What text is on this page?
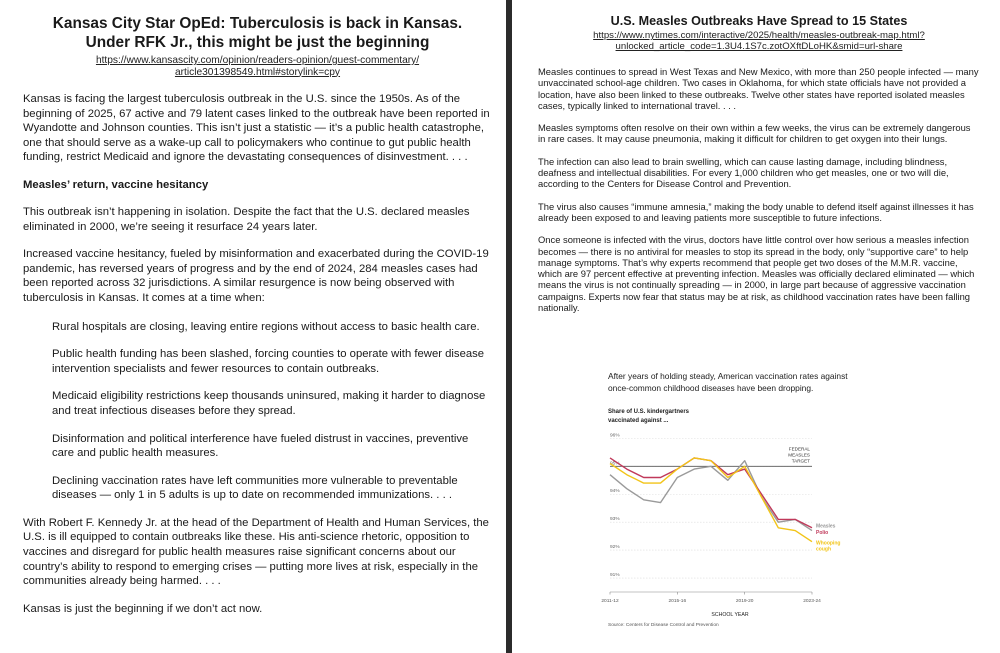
Kansas City Star OpEd: Tuberculosis is back in Kansas.

Under RFK Jr., this might be just the beginning

https://www.kansascity.com/opinion/readers-opinion/guest-commentary/

article301398549.html#storylink=cpy

Kansas is facing the largest tuberculosis outbreak in the U.S. since the 1950s. As of the beginning of 2025, 67 active and 79 latent cases linked to the outbreak have been reported in Wyandotte and Johnson counties. This isn’t just a statistic — it’s a public health catastrophe, one that should serve as a wake-up call to policymakers who continue to gut public health funding, restrict Medicaid and ignore the devastating consequences of disinvestment. . . .

Measles’ return, vaccine hesitancy

This outbreak isn’t happening in isolation. Despite the fact that the U.S. declared measles eliminated in 2000, we’re seeing it resurface 24 years later.

Increased vaccine hesitancy, fueled by misinformation and exacerbated during the COVID-19 pandemic, has reversed years of progress and by the end of 2024, 284 measles cases had been reported across 32 jurisdictions. A similar resurgence is now being observed with tuberculosis in Kansas. It comes at a time when:

Rural hospitals are closing, leaving entire regions without access to basic health care.

Public health funding has been slashed, forcing counties to operate with fewer disease intervention specialists and fewer resources to contain outbreaks.

Medicaid eligibility restrictions keep thousands uninsured, making it harder to diagnose and treat infectious diseases before they spread.

Disinformation and political interference have fueled distrust in vaccines, preventive care and public health measures.

Declining vaccination rates have left communities more vulnerable to preventable diseases — only 1 in 5 adults is up to date on recommended immunizations. . . .

With Robert F. Kennedy Jr. at the head of the Department of Health and Human Services, the U.S. is ill equipped to contain outbreaks like these. His anti-science rhetoric, opposition to vaccines and disregard for public health measures raise significant concerns about our country’s ability to respond to emerging crises — putting more lives at risk, especially in the communities already being harmed. . . .

Kansas is just the beginning if we don’t act now.

U.S. Measles Outbreaks Have Spread to 15 States

https://www.nytimes.com/interactive/2025/health/measles-outbreak-map.html?

unlocked_article_code=1.3U4.1S7c.zotOXftDLoHK&smid=url-share

Measles continues to spread in West Texas and New Mexico, with more than 250 people infected — many unvaccinated school-age children. Two cases in Oklahoma, for which state officials have not provided a location, have also been linked to these outbreaks. Twelve other states have reported isolated measles cases, typically linked to international travel. . . .

Measles symptoms often resolve on their own within a few weeks, the virus can be extremely dangerous in rare cases. It may cause pneumonia, making it difficult for children to get oxygen into their lungs.

The infection can also lead to brain swelling, which can cause lasting damage, including blindness, deafness and intellectual disabilities. For every 1,000 children who get measles, one or two will die, according to the Centers for Disease Control and Prevention.

The virus also causes “immune amnesia,” making the body unable to defend itself against illnesses it has already been exposed to and leaving patients more susceptible to future infections.

Once someone is infected with the virus, doctors have little control over how serious a measles infection becomes — there is no antiviral for measles to stop its spread in the body, only “supportive care” to help manage symptoms. That’s why experts recommend that people get two doses of the M.M.R. vaccine, which are 97 percent effective at preventing infection. Measles was officially declared eliminated — which means the virus is not continually spreading — in 2000, in large part because of aggressive vaccination campaigns. Experts now fear that status may be at risk, as childhood vaccination rates have been falling nationally.

After years of holding steady, American vaccination rates against
once-common childhood diseases have been dropping.
Share of U.S. kindergartners
vaccinated against ...
96%
95%
94%
93%
92%
91%
FEDERAL
MEASLES
TARGET
2011-12	2015-16	2019-20	2023-24
Measles
Polio
Whooping
cough
SCHOOL YEAR
Source: Centers for Disease Control and Prevention
